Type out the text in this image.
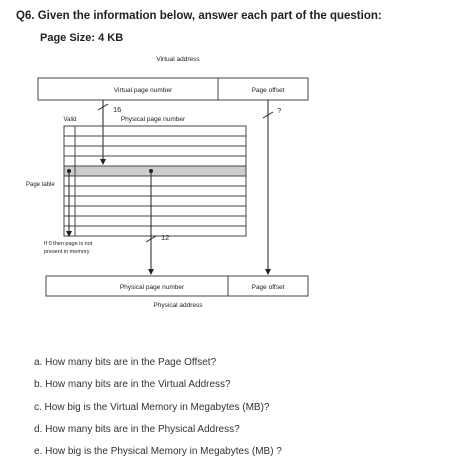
Q6. Given the information below, answer each part of the question:
Page Size: 4 KB
Virtual address
Virtual page number	Page offset
16	?
Valid	Physical page number
Page table
If 0 then page is not
present in memory
12
Physical page number	Page offset
Physical address
a. How many bits are in the Page Offset?
b. How many bits are in the Virtual Address?
c. How big is the Virtual Memory in Megabytes (MB)?
d. How many bits are in the Physical Address?
e. How big is the Physical Memory in Megabytes (MB) ?
